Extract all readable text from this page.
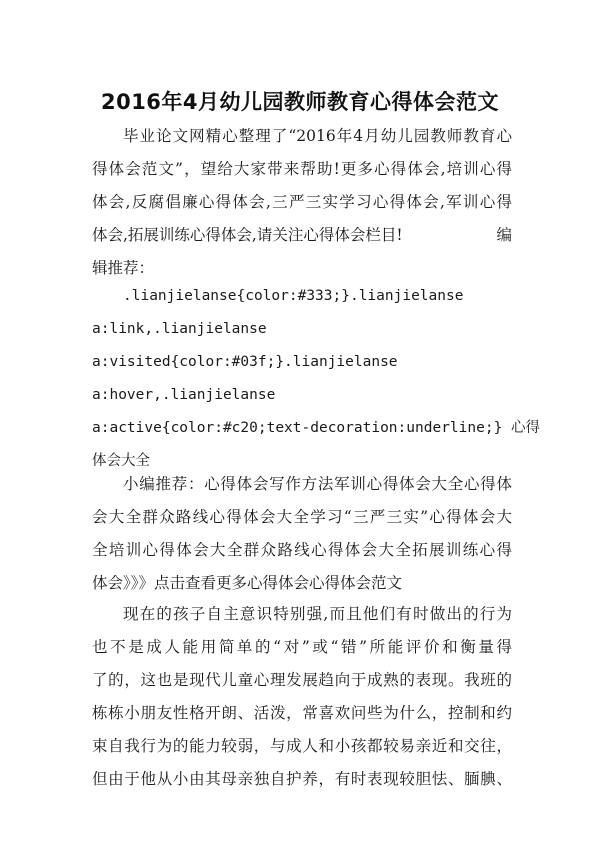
2016年4月幼儿园教师教育心得体会范文
毕业论文网精心整理了“2016年4月幼儿园教师教育心
得体会范文”，望给大家带来帮助!更多心得体会,培训心得
体会,反腐倡廉心得体会,三严三实学习心得体会,军训心得
体会,拓展训练心得体会,请关注心得体会栏目!	编
辑推荐：
.lianjielanse{color:#333;}.lianjielanse
a:link,.lianjielanse
a:visited{color:#03f;}.lianjielanse
a:hover,.lianjielanse
a:active{color:#c20;text-decoration:underline;} 心得
体会大全
小编推荐：心得体会写作方法军训心得体会大全心得体
会大全群众路线心得体会大全学习“三严三实”心得体会大
全培训心得体会大全群众路线心得体会大全拓展训练心得
体会》》》点击查看更多心得体会心得体会范文
现在的孩子自主意识特别强,而且他们有时做出的行为
也不是成人能用简单的“对”或“错”所能评价和衡量得
了的，这也是现代儿童心理发展趋向于成熟的表现。我班的
栋栋小朋友性格开朗、活泼，常喜欢问些为什么，控制和约
束自我行为的能力较弱，与成人和小孩都较易亲近和交往，
但由于他从小由其母亲独自护养，有时表现较胆怯、腼腆、
